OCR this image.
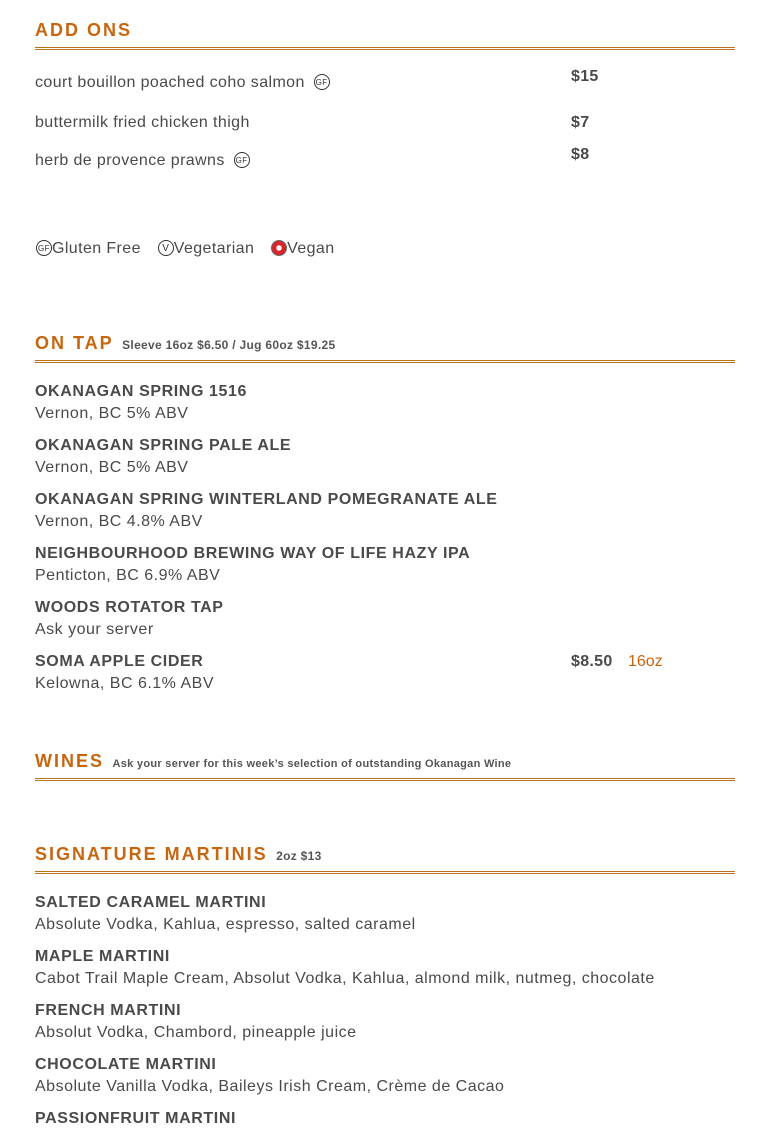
ADD ONS
court bouillon poached coho salmon GF	$15
buttermilk fried chicken thigh	$7
herb de provence prawns GF	$8
GF Gluten Free V Vegetarian Vegan
ON TAP Sleeve 16oz $6.50 / Jug 60oz $19.25
OKANAGAN SPRING 1516
Vernon, BC 5% ABV
OKANAGAN SPRING PALE ALE
Vernon, BC 5% ABV
OKANAGAN SPRING WINTERLAND POMEGRANATE ALE
Vernon, BC 4.8% ABV
NEIGHBOURHOOD BREWING WAY OF LIFE HAZY IPA
Penticton, BC 6.9% ABV
WOODS ROTATOR TAP
Ask your server
SOMA APPLE CIDER
Kelowna, BC 6.1% ABV
$8.50 16oz
WINES Ask your server for this week’s selection of outstanding Okanagan Wine
SIGNATURE MARTINIS 2oz $13
SALTED CARAMEL MARTINI
Absolute Vodka, Kahlua, espresso, salted caramel
MAPLE MARTINI
Cabot Trail Maple Cream, Absolut Vodka, Kahlua, almond milk, nutmeg, chocolate
FRENCH MARTINI
Absolut Vodka, Chambord, pineapple juice
CHOCOLATE MARTINI
Absolute Vanilla Vodka, Baileys Irish Cream, Crème de Cacao
PASSIONFRUIT MARTINI
